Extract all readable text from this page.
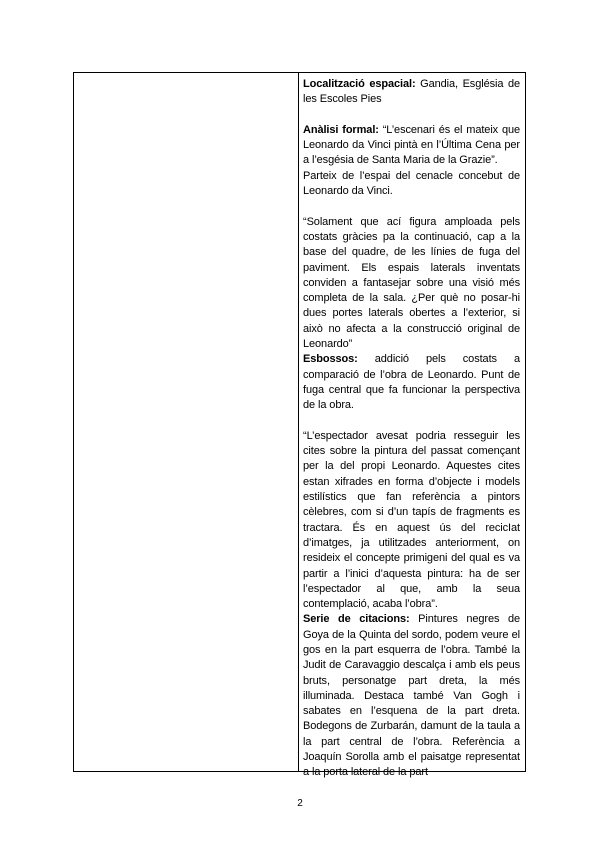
Localització espacial: Gandia, Església de les Escoles Pies

Anàlisi formal: “L’escenari és el mateix que Leonardo da Vinci pintà en l’Última Cena per a l’esgésia de Santa Maria de la Grazie”.

Parteix de l’espai del cenacle concebut de Leonardo da Vinci.

“Solament que ací figura amploada pels costats gràcies pa la continuació, cap a la base del quadre, de les línies de fuga del paviment. Els espais laterals inventats conviden a fantasejar sobre una visió més completa de la sala. ¿Per què no posar-hi dues portes laterals obertes a l’exterior, si això no afecta a la construcció original de Leonardo”

Esbossos: addició pels costats a comparació de l’obra de Leonardo. Punt de fuga central que fa funcionar la perspectiva de la obra.

“L’espectador avesat podria resseguir les cites sobre la pintura del passat començant per la del propi Leonardo. Aquestes cites estan xifrades en forma d’objecte i models estilístics que fan referència a pintors cèlebres, com si d’un tapís de fragments es tractara. És en aquest ús del recicIat d’imatges, ja utilitzades anteriorment, on resideix el concepte primigeni del qual es va partir a l’inici d’aquesta pintura: ha de ser l’espectador al que, amb la seua contemplació, acaba l’obra”.

Serie de citacions: Pintures negres de Goya de la Quinta del sordo, podem veure el gos en la part esquerra de l’obra. També la Judit de Caravaggio descalça i amb els peus bruts, personatge part dreta, la més illuminada. Destaca també Van Gogh i sabates en l’esquena de la part dreta. Bodegons de Zurbarán, damunt de la taula a la part central de l’obra. Referència a Joaquín Sorolla amb el paisatge representat a la porta lateral de la part

2
